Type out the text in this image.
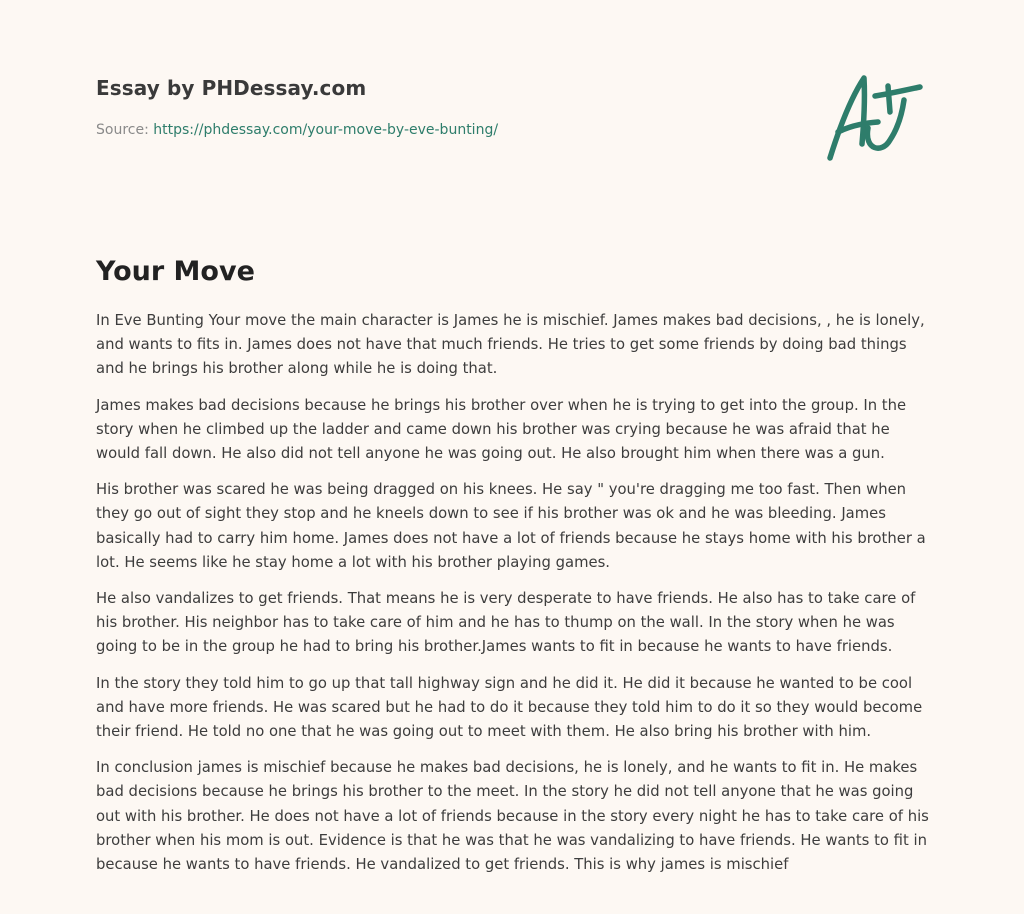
Essay by PHDessay.com
Source: https://phdessay.com/your-move-by-eve-bunting/
Your Move

In Eve Bunting Your move the main character is James he is mischief. James makes bad decisions, , he is lonely, and wants to fits in. James does not have that much friends. He tries to get some friends by doing bad things and he brings his brother along while he is doing that.

James makes bad decisions because he brings his brother over when he is trying to get into the group. In the story when he climbed up the ladder and came down his brother was crying because he was afraid that he would fall down. He also did not tell anyone he was going out. He also brought him when there was a gun.

His brother was scared he was being dragged on his knees. He say " you're dragging me too fast. Then when they go out of sight they stop and he kneels down to see if his brother was ok and he was bleeding. James basically had to carry him home. James does not have a lot of friends because he stays home with his brother a lot. He seems like he stay home a lot with his brother playing games.

He also vandalizes to get friends. That means he is very desperate to have friends. He also has to take care of his brother. His neighbor has to take care of him and he has to thump on the wall. In the story when he was going to be in the group he had to bring his brother.James wants to fit in because he wants to have friends.

In the story they told him to go up that tall highway sign and he did it. He did it because he wanted to be cool and have more friends. He was scared but he had to do it because they told him to do it so they would become their friend. He told no one that he was going out to meet with them. He also bring his brother with him.

In conclusion james is mischief because he makes bad decisions, he is lonely, and he wants to fit in. He makes bad decisions because he brings his brother to the meet. In the story he did not tell anyone that he was going out with his brother. He does not have a lot of friends because in the story every night he has to take care of his brother when his mom is out. Evidence is that he was that he was vandalizing to have friends. He wants to fit in because he wants to have friends. He vandalized to get friends. This is why james is mischief
